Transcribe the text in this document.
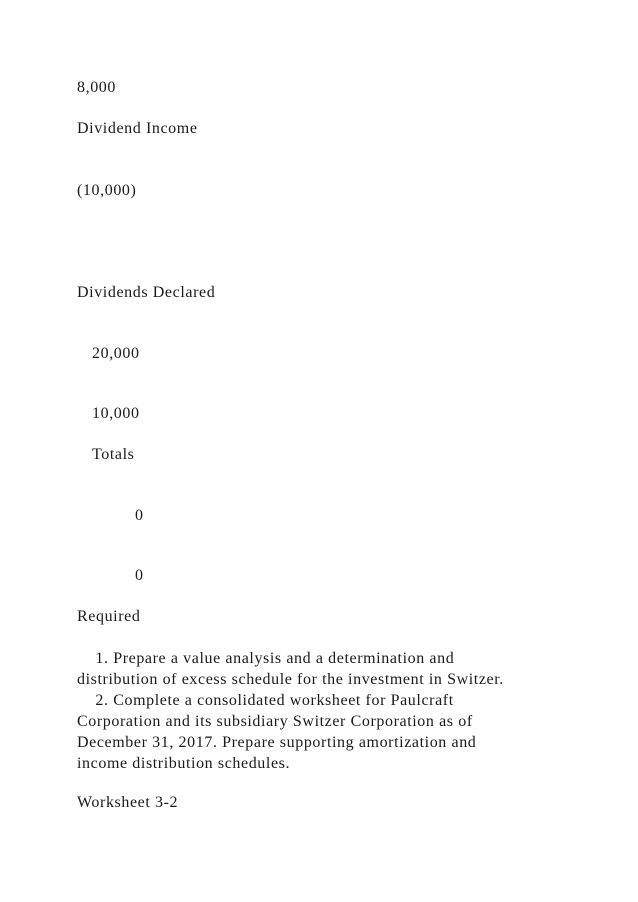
8,000
Dividend Income
(10,000)
Dividends Declared
20,000
10,000
Totals
0
0
Required
1. Prepare a value analysis and a determination and
distribution of excess schedule for the investment in Switzer.
2. Complete a consolidated worksheet for Paulcraft
Corporation and its subsidiary Switzer Corporation as of
December 31, 2017. Prepare supporting amortization and
income distribution schedules.
Worksheet 3-2
